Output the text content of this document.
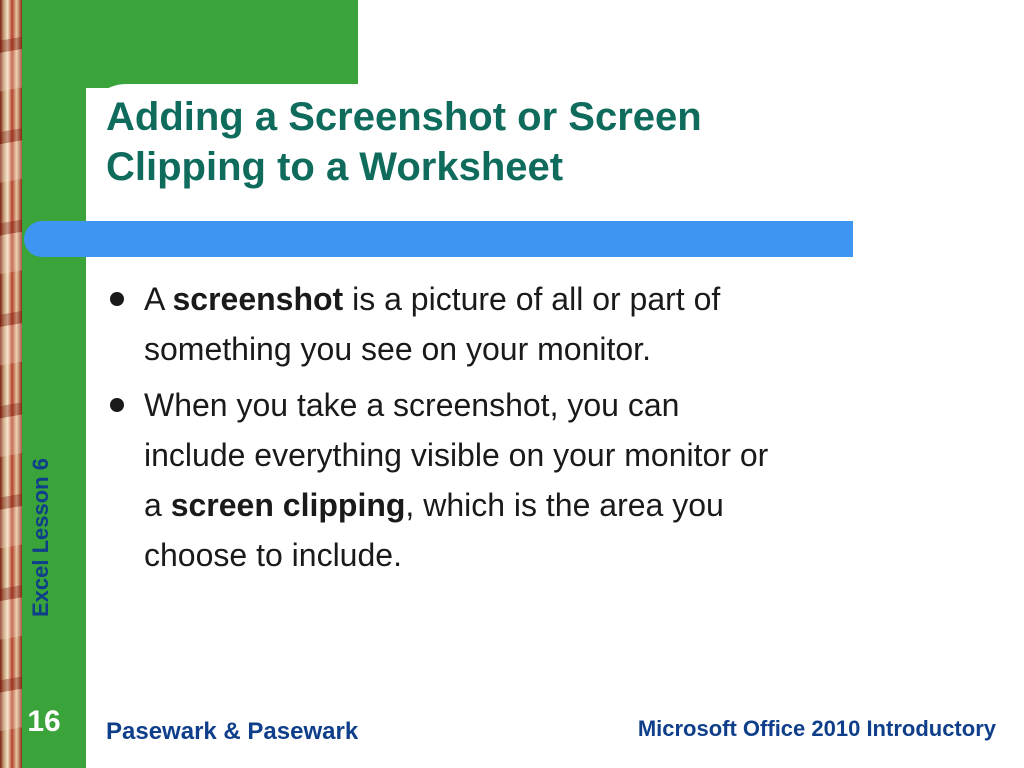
Adding a Screenshot or Screen
Clipping to a Worksheet
A screenshot is a picture of all or part of
something you see on your monitor.
When you take a screenshot, you can
include everything visible on your monitor or
a screen clipping, which is the area you
choose to include.
Excel Lesson 6
16 Pasewark & Pasewark	Microsoft Office 2010 Introductory
